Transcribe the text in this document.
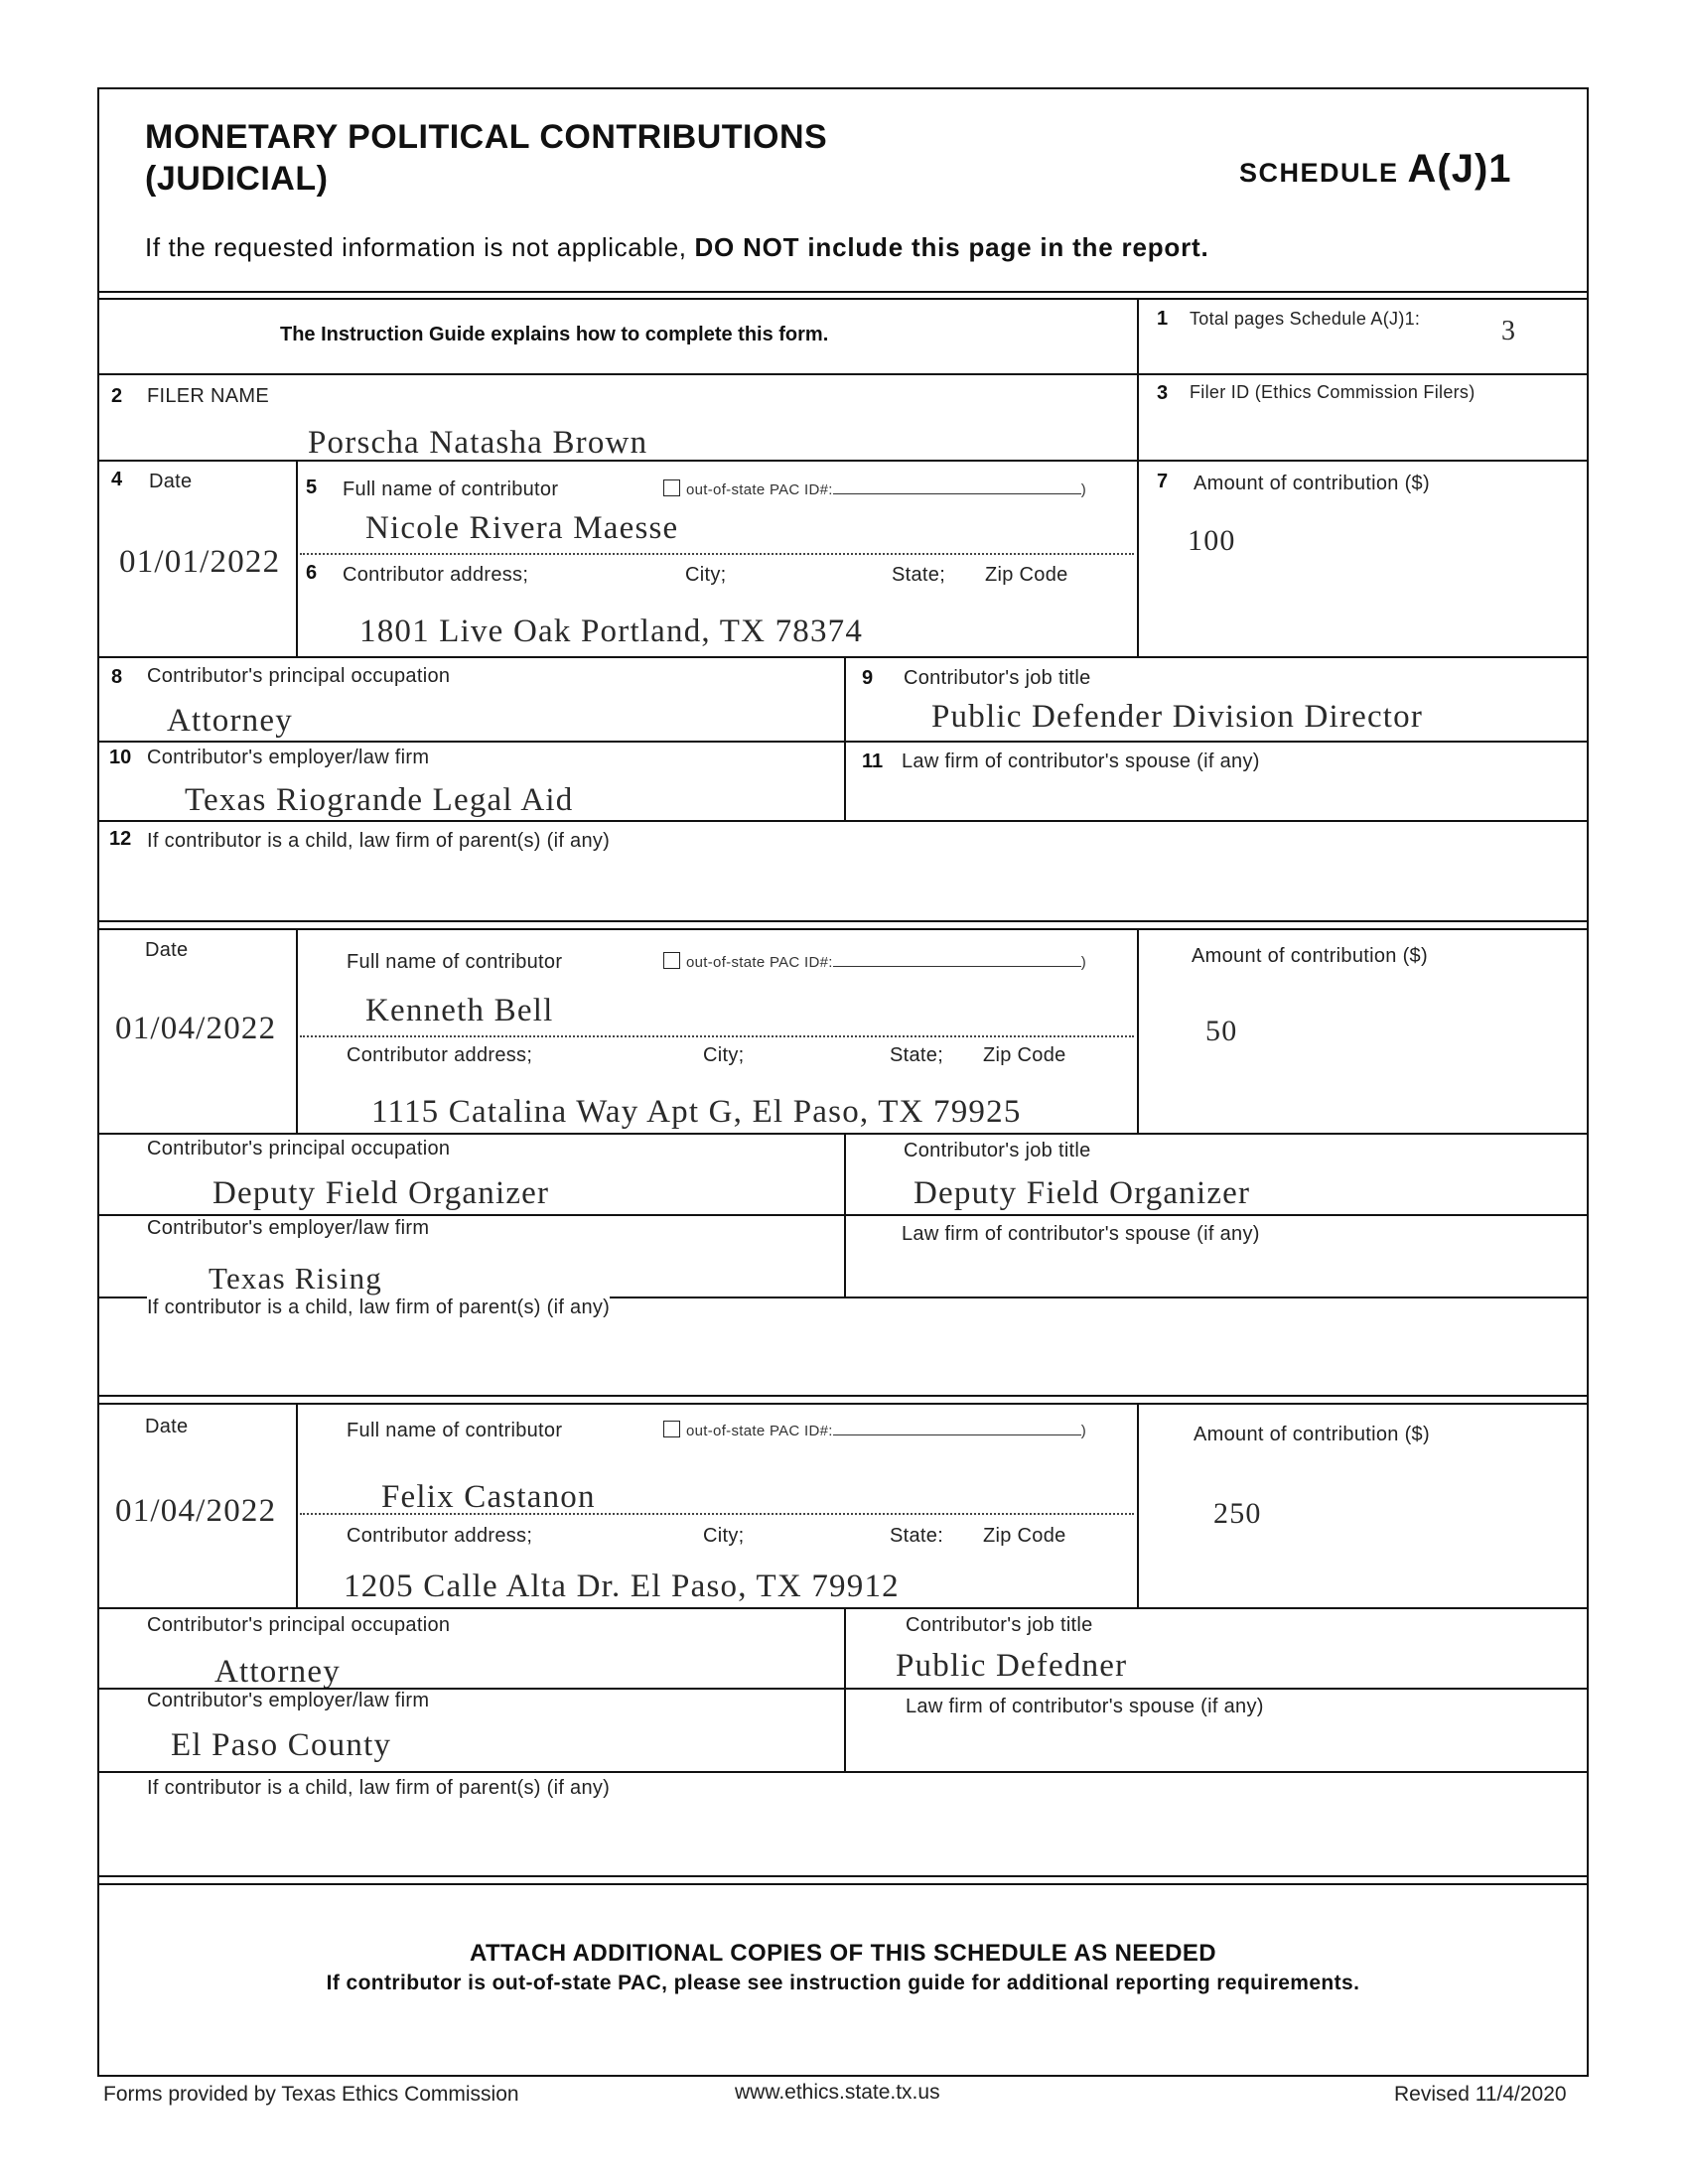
MONETARY POLITICAL CONTRIBUTIONS
(JUDICIAL)	SCHEDULE A(J)1
If the requested information is not applicable, DO NOT include this page in the report.
The Instruction Guide explains how to complete this form.
1 Total pages Schedule A(J)1:	3
2 FILER NAME
Porscha Natasha Brown
3 Filer ID (Ethics Commission Filers)
4 Date
01/01/2022
5 Full name of contributor	out-of-state PAC ID#:	)
Nicole Rivera Maesse
6 Contributor address;	City;	State; Zip Code
1801 Live Oak Portland, TX 78374
7 Amount of contribution ($)
100
8 Contributor's principal occupation
Attorney
9 Contributor's job title
Public Defender Division Director
10 Contributor's employer/law firm
Texas Riogrande Legal Aid
11 Law firm of contributor's spouse (if any)
12 If contributor is a child, law firm of parent(s) (if any)
Date
01/04/2022
Full name of contributor	out-of-state PAC ID#:	)
Kenneth Bell
Contributor address;	City;	State; Zip Code
1115 Catalina Way Apt G, El Paso, TX 79925
Amount of contribution ($)
50
Contributor's principal occupation
Deputy Field Organizer
Contributor's job title
Deputy Field Organizer
Contributor's employer/law firm
Texas Rising
Law firm of contributor's spouse (if any)
If contributor is a child, law firm of parent(s) (if any)
Date
01/04/2022
Full name of contributor	out-of-state PAC ID#:	)
Felix Castanon
Contributor address;	City;	State: Zip Code
1205 Calle Alta Dr. El Paso, TX 79912
Amount of contribution ($)
250
Contributor's principal occupation
Attorney
Contributor's job title
Public Defedner
Contributor's employer/law firm
El Paso County
Law firm of contributor's spouse (if any)
If contributor is a child, law firm of parent(s) (if any)
ATTACH ADDITIONAL COPIES OF THIS SCHEDULE AS NEEDED
If contributor is out-of-state PAC, please see instruction guide for additional reporting requirements.
Forms provided by Texas Ethics Commission	www.ethics.state.tx.us	Revised 11/4/2020
